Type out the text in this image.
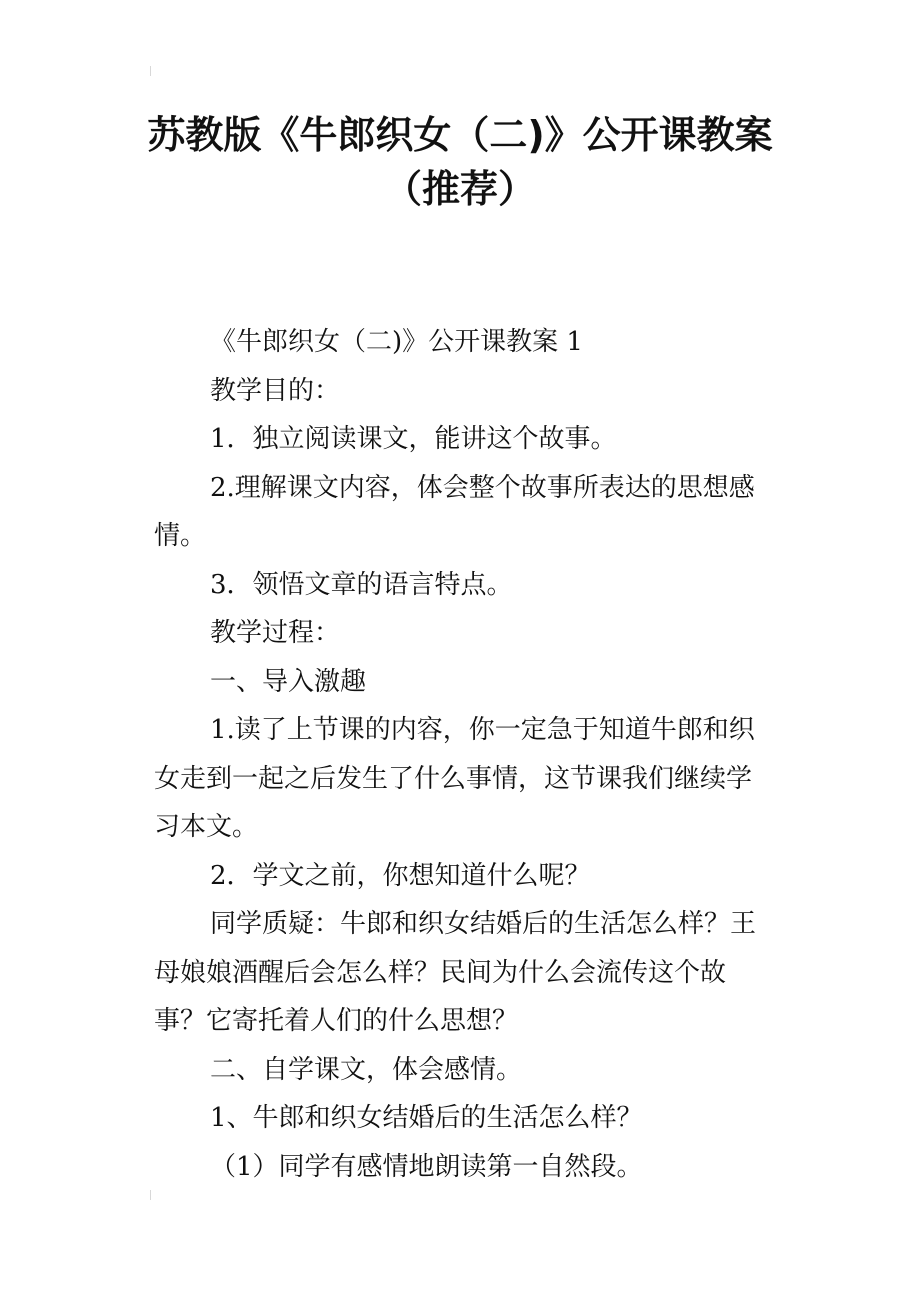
苏教版《牛郎织女（二)》公开课教案
（推荐）

《牛郎织女（二)》公开课教案 1

教学目的：

1．独立阅读课文，能讲这个故事。

2.理解课文内容，体会整个故事所表达的思想感情。

3．领悟文章的语言特点。

教学过程：

一、导入激趣

1.读了上节课的内容，你一定急于知道牛郎和织女走到一起之后发生了什么事情，这节课我们继续学习本文。

2．学文之前，你想知道什么呢？

同学质疑：牛郎和织女结婚后的生活怎么样？王母娘娘酒醒后会怎么样？民间为什么会流传这个故事？它寄托着人们的什么思想？

二、自学课文，体会感情。

1、牛郎和织女结婚后的生活怎么样？

（1）同学有感情地朗读第一自然段。
